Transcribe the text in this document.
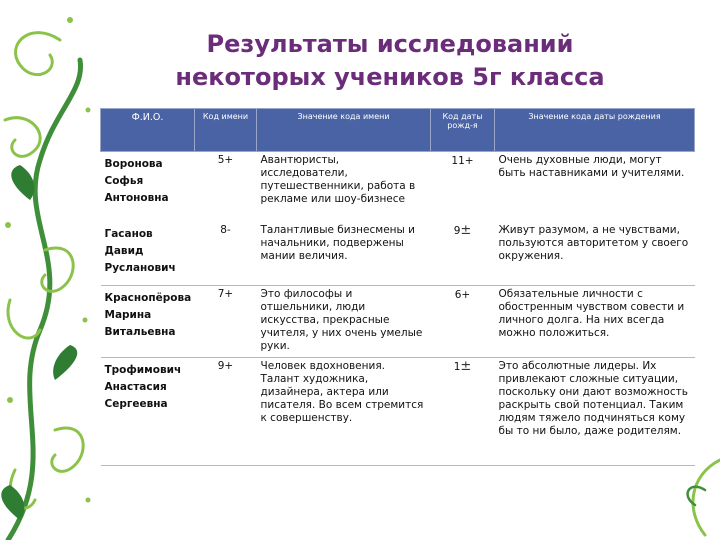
Результаты исследований
некоторых учеников 5г класса
Ф.И.О.	Код имени	Значение кода имени	Код даты рожд-я	Значение кода даты рождения

Воронова
Софья
Антоновна	5+	Авантюристы, исследователи, путешественники, работа в рекламе или шоу-бизнесе	11+	Очень духовные люди, могут быть наставниками и учителями.

Гасанов
Давид
Русланович	8-	Талантливые бизнесмены и начальники, подвержены мании величия.	9±	Живут разумом, а не чувствами, пользуются авторитетом у своего окружения.

Краснопёрова
Марина
Витальевна	7+	Это философы и отшельники, люди искусства, прекрасные учителя, у них очень умелые руки.	6+	Обязательные личности с обостренным чувством совести и личного долга. На них всегда можно положиться.

Трофимович
Анастасия
Сергеевна	9+	Человек вдохновения. Талант художника, дизайнера, актера или писателя. Во всем стремится к совершенству.	1±	Это абсолютные лидеры. Их привлекают сложные ситуации, поскольку они дают возможность раскрыть свой потенциал. Таким людям тяжело подчиняться кому бы то ни было, даже родителям.
